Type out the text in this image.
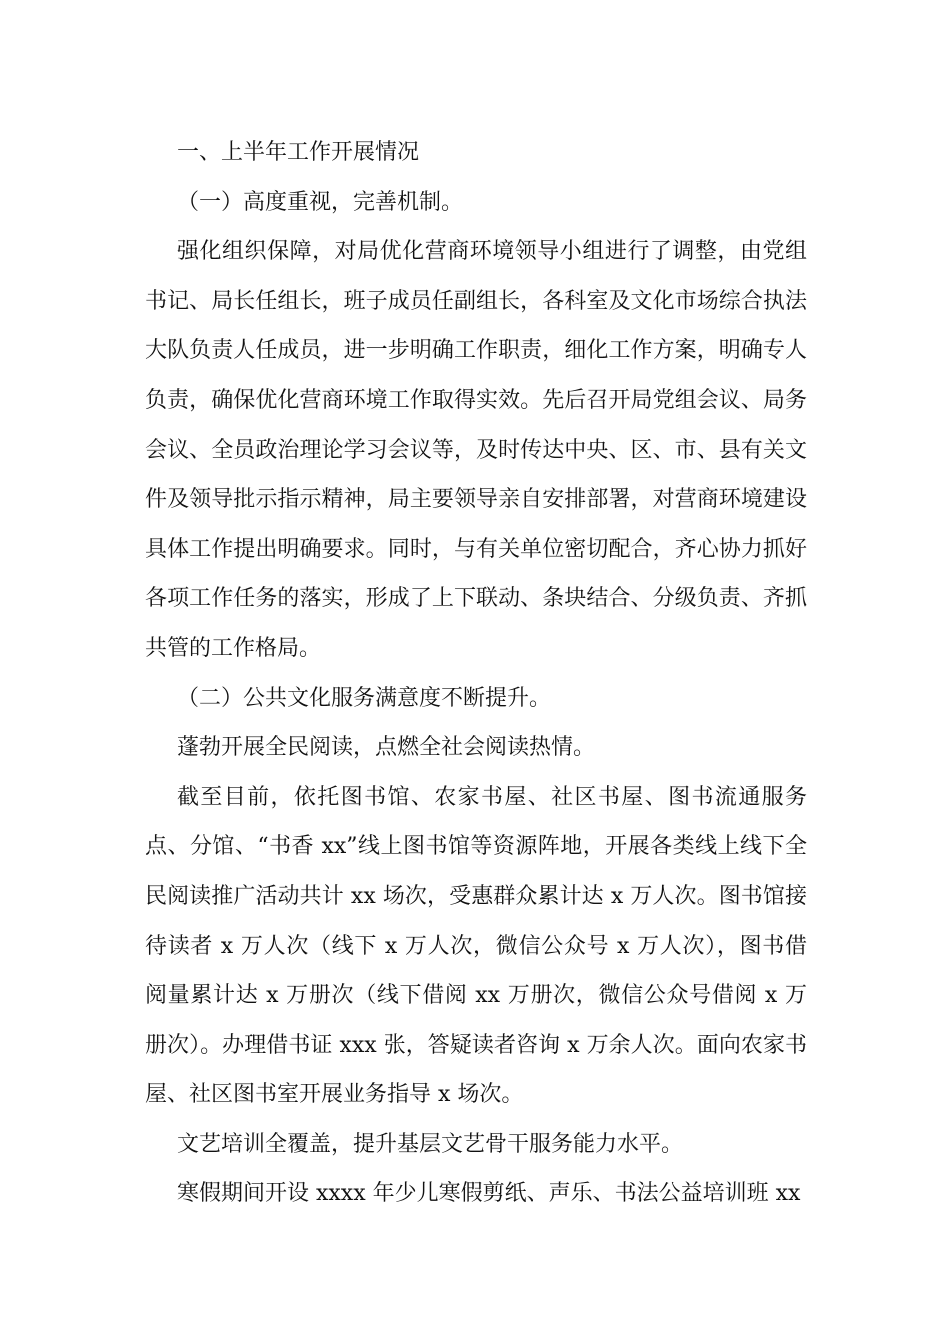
一、上半年工作开展情况

（一）高度重视，完善机制。

强化组织保障，对局优化营商环境领导小组进行了调整，由党组书记、局长任组长，班子成员任副组长，各科室及文化市场综合执法大队负责人任成员，进一步明确工作职责，细化工作方案，明确专人负责，确保优化营商环境工作取得实效。先后召开局党组会议、局务会议、全员政治理论学习会议等，及时传达中央、区、市、县有关文件及领导批示指示精神，局主要领导亲自安排部署，对营商环境建设具体工作提出明确要求。同时，与有关单位密切配合，齐心协力抓好各项工作任务的落实，形成了上下联动、条块结合、分级负责、齐抓共管的工作格局。

（二）公共文化服务满意度不断提升。

蓬勃开展全民阅读，点燃全社会阅读热情。

截至目前，依托图书馆、农家书屋、社区书屋、图书流通服务点、分馆、“书香 xx”线上图书馆等资源阵地，开展各类线上线下全民阅读推广活动共计 xx 场次，受惠群众累计达 x 万人次。图书馆接待读者 x 万人次（线下 x 万人次，微信公众号 x 万人次），图书借阅量累计达 x 万册次（线下借阅 xx 万册次，微信公众号借阅 x 万册次）。办理借书证 xxx 张，答疑读者咨询 x 万余人次。面向农家书屋、社区图书室开展业务指导 x 场次。

文艺培训全覆盖，提升基层文艺骨干服务能力水平。

寒假期间开设 xxxx 年少儿寒假剪纸、声乐、书法公益培训班 xx
